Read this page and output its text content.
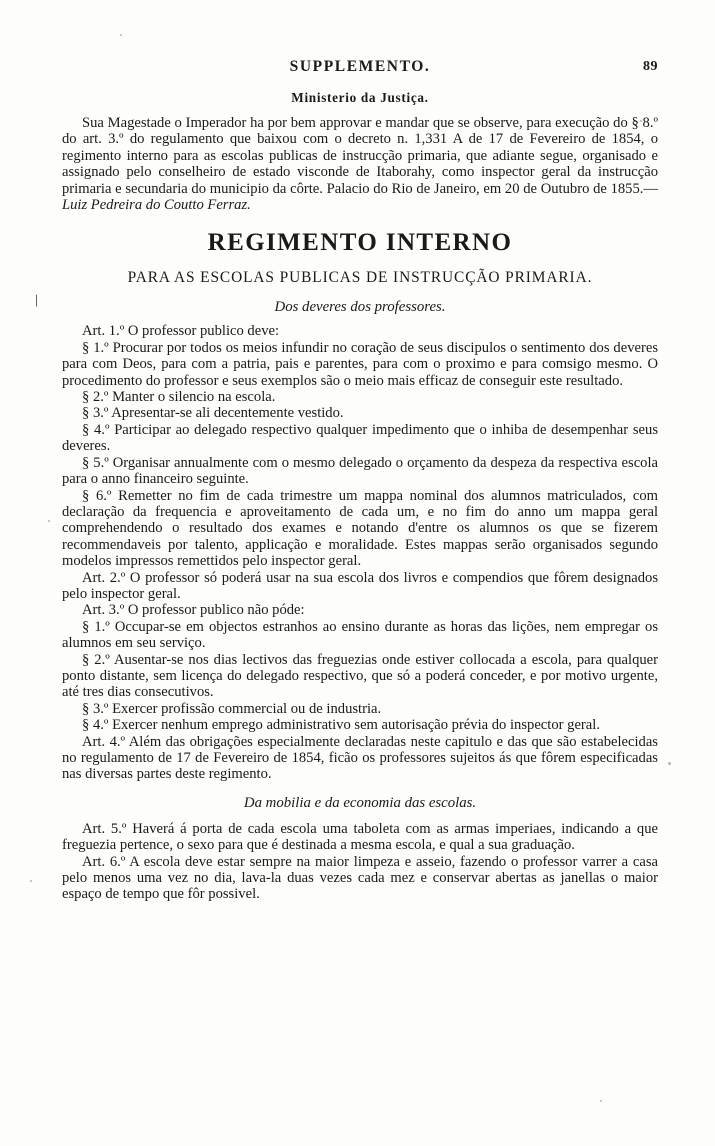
\
SUPPLEMENTO.	89
Ministerio da Justiça.

Sua Magestade o Imperador ha por bem approvar e mandar que se observe, para execução do § 8.º do art. 3.º do regulamento que baixou com o decreto n. 1,331 A de 17 de Fevereiro de 1854, o regimento interno para as escolas publicas de instrucção primaria, que adiante segue, organisado e assignado pelo conselheiro de estado visconde de Itaborahy, como inspector geral da instrucção primaria e secundaria do municipio da côrte. Palacio do Rio de Janeiro, em 20 de Outubro de 1855.—Luiz Pedreira do Coutto Ferraz.

REGIMENTO INTERNO
PARA AS ESCOLAS PUBLICAS DE INSTRUCÇÃO PRIMARIA.
Dos deveres dos professores.

Art. 1.º O professor publico deve:

§ 1.º Procurar por todos os meios infundir no coração de seus discipulos o sentimento dos deveres para com Deos, para com a patria, pais e parentes, para com o proximo e para comsigo mesmo. O procedimento do professor e seus exemplos são o meio mais efficaz de conseguir este resultado.

§ 2.º Manter o silencio na escola.

§ 3.º Apresentar-se ali decentemente vestido.

§ 4.º Participar ao delegado respectivo qualquer impedimento que o inhiba de desempenhar seus deveres.

§ 5.º Organisar annualmente com o mesmo delegado o orçamento da despeza da respectiva escola para o anno financeiro seguinte.

§ 6.º Remetter no fim de cada trimestre um mappa nominal dos alumnos matriculados, com declaração da frequencia e aproveitamento de cada um, e no fim do anno um mappa geral comprehendendo o resultado dos exames e notando d'entre os alumnos os que se fizerem recommendaveis por talento, applicação e moralidade. Estes mappas serão organisados segundo modelos impressos remettidos pelo inspector geral.

Art. 2.º O professor só poderá usar na sua escola dos livros e compendios que fôrem designados pelo inspector geral.

Art. 3.º O professor publico não póde:

§ 1.º Occupar-se em objectos estranhos ao ensino durante as horas das lições, nem empregar os alumnos em seu serviço.

§ 2.º Ausentar-se nos dias lectivos das freguezias onde estiver collocada a escola, para qualquer ponto distante, sem licença do delegado respectivo, que só a poderá conceder, e por motivo urgente, até tres dias consecutivos.

§ 3.º Exercer profissão commercial ou de industria.

§ 4.º Exercer nenhum emprego administrativo sem autorisação prévia do inspector geral.

Art. 4.º Além das obrigações especialmente declaradas neste capitulo e das que são estabelecidas no regulamento de 17 de Fevereiro de 1854, ficão os professores sujeitos ás que fôrem especificadas nas diversas partes deste regimento.

Da mobilia e da economia das escolas.

Art. 5.º Haverá á porta de cada escola uma taboleta com as armas imperiaes, indicando a que freguezia pertence, o sexo para que é destinada a mesma escola, e qual a sua graduação.

Art. 6.º A escola deve estar sempre na maior limpeza e asseio, fazendo o professor varrer a casa pelo menos uma vez no dia, lava-la duas vezes cada mez e conservar abertas as janellas o maior espaço de tempo que fôr possivel.
